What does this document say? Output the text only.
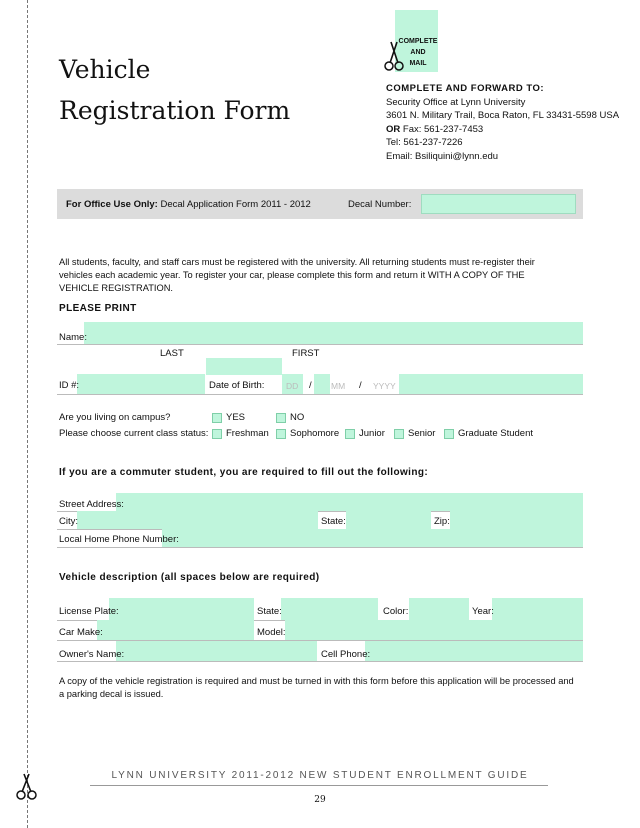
Vehicle
Registration Form
COMPLETE
AND
MAIL
COMPLETE AND FORWARD TO:
Security Office at Lynn University
3601 N. Military Trail, Boca Raton, FL 33431-5598 USA
OR Fax: 561-237-7453
Tel: 561-237-7226
Email: Bsiliquini@lynn.edu
For Office Use Only: Decal Application Form 2011 - 2012	Decal Number:
All students, faculty, and staff cars must be registered with the university. All returning students must re-register their vehicles each academic year. To register your car, please complete this form and return it WITH A COPY OF THE VEHICLE REGISTRATION.
PLEASE PRINT
Name:
LAST	FIRST
ID #:	Date of Birth:	DD / MM / YYYY
Are you living on campus?	YES	NO
Please choose current class status: Freshman Sophomore Junior Senior Graduate Student
If you are a commuter student, you are required to fill out the following:
Street Address:
City:	State:	Zip:
Local Home Phone Number:
Vehicle description (all spaces below are required)
License Plate:	State:	Color:	Year:
Car Make:	Model:
Owner's Name:	Cell Phone:
A copy of the vehicle registration is required and must be turned in with this form before this application will be processed and a parking decal is issued.
LYNN UNIVERSITY 2011-2012 NEW STUDENT ENROLLMENT GUIDE
29
